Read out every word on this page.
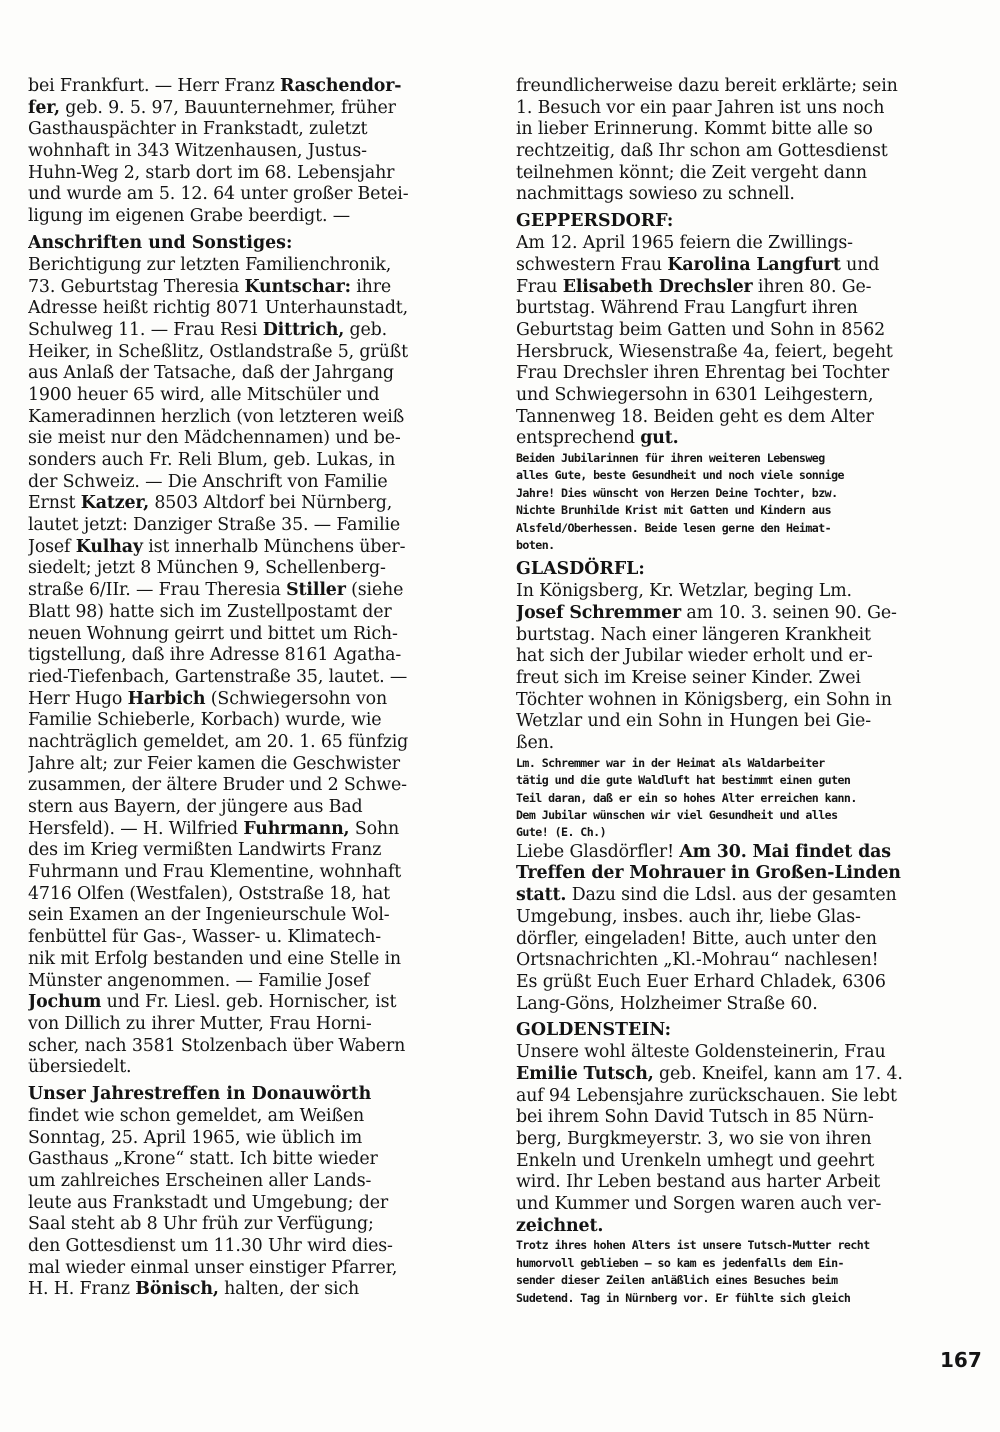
bei Frankfurt. — Herr Franz Raschendor-
fer, geb. 9. 5. 97, Bauunternehmer, früher
Gasthauspächter in Frankstadt, zuletzt
wohnhaft in 343 Witzenhausen, Justus-
Huhn-Weg 2, starb dort im 68. Lebensjahr
und wurde am 5. 12. 64 unter großer Betei-
ligung im eigenen Grabe beerdigt. —
Anschriften und Sonstiges:
Berichtigung zur letzten Familienchronik,
73. Geburtstag Theresia Kuntschar: ihre
Adresse heißt richtig 8071 Unterhaunstadt,
Schulweg 11. — Frau Resi Dittrich, geb.
Heiker, in Scheßlitz, Ostlandstraße 5, grüßt
aus Anlaß der Tatsache, daß der Jahrgang
1900 heuer 65 wird, alle Mitschüler und
Kameradinnen herzlich (von letzteren weiß
sie meist nur den Mädchennamen) und be-
sonders auch Fr. Reli Blum, geb. Lukas, in
der Schweiz. — Die Anschrift von Familie
Ernst Katzer, 8503 Altdorf bei Nürnberg,
lautet jetzt: Danziger Straße 35. — Familie
Josef Kulhay ist innerhalb Münchens über-
siedelt; jetzt 8 München 9, Schellenberg-
straße 6/IIr. — Frau Theresia Stiller (siehe
Blatt 98) hatte sich im Zustellpostamt der
neuen Wohnung geirrt und bittet um Rich-
tigstellung, daß ihre Adresse 8161 Agatha-
ried-Tiefenbach, Gartenstraße 35, lautet. —
Herr Hugo Harbich (Schwiegersohn von
Familie Schieberle, Korbach) wurde, wie
nachträglich gemeldet, am 20. 1. 65 fünfzig
Jahre alt; zur Feier kamen die Geschwister
zusammen, der ältere Bruder und 2 Schwe-
stern aus Bayern, der jüngere aus Bad
Hersfeld). — H. Wilfried Fuhrmann, Sohn
des im Krieg vermißten Landwirts Franz
Fuhrmann und Frau Klementine, wohnhaft
4716 Olfen (Westfalen), Oststraße 18, hat
sein Examen an der Ingenieurschule Wol-
fenbüttel für Gas-, Wasser- u. Klimatech-
nik mit Erfolg bestanden und eine Stelle in
Münster angenommen. — Familie Josef
Jochum und Fr. Liesl. geb. Hornischer, ist
von Dillich zu ihrer Mutter, Frau Horni-
scher, nach 3581 Stolzenbach über Wabern
übersiedelt.
Unser Jahrestreffen in Donauwörth
findet wie schon gemeldet, am Weißen
Sonntag, 25. April 1965, wie üblich im
Gasthaus „Krone“ statt. Ich bitte wieder
um zahlreiches Erscheinen aller Lands-
leute aus Frankstadt und Umgebung; der
Saal steht ab 8 Uhr früh zur Verfügung;
den Gottesdienst um 11.30 Uhr wird dies-
mal wieder einmal unser einstiger Pfarrer,
H. H. Franz Bönisch, halten, der sich
freundlicherweise dazu bereit erklärte; sein
1. Besuch vor ein paar Jahren ist uns noch
in lieber Erinnerung. Kommt bitte alle so
rechtzeitig, daß Ihr schon am Gottesdienst
teilnehmen könnt; die Zeit vergeht dann
nachmittags sowieso zu schnell.
GEPPERSDORF:
Am 12. April 1965 feiern die Zwillings-
schwestern Frau Karolina Langfurt und
Frau Elisabeth Drechsler ihren 80. Ge-
burtstag. Während Frau Langfurt ihren
Geburtstag beim Gatten und Sohn in 8562
Hersbruck, Wiesenstraße 4a, feiert, begeht
Frau Drechsler ihren Ehrentag bei Tochter
und Schwiegersohn in 6301 Leihgestern,
Tannenweg 18. Beiden geht es dem Alter
entsprechend gut.
Beiden Jubilarinnen für ihren weiteren Lebensweg
alles Gute, beste Gesundheit und noch viele sonnige
Jahre! Dies wünscht von Herzen Deine Tochter, bzw.
Nichte Brunhilde Krist mit Gatten und Kindern aus
Alsfeld/Oberhessen. Beide lesen gerne den Heimat-
boten.
GLASDÖRFL:
In Königsberg, Kr. Wetzlar, beging Lm.
Josef Schremmer am 10. 3. seinen 90. Ge-
burtstag. Nach einer längeren Krankheit
hat sich der Jubilar wieder erholt und er-
freut sich im Kreise seiner Kinder. Zwei
Töchter wohnen in Königsberg, ein Sohn in
Wetzlar und ein Sohn in Hungen bei Gie-
ßen.
Lm. Schremmer war in der Heimat als Waldarbeiter
tätig und die gute Waldluft hat bestimmt einen guten
Teil daran, daß er ein so hohes Alter erreichen kann.
Dem Jubilar wünschen wir viel Gesundheit und alles
Gute! (E. Ch.)
Liebe Glasdörfler! Am 30. Mai findet das
Treffen der Mohrauer in Großen-Linden
statt. Dazu sind die Ldsl. aus der gesamten
Umgebung, insbes. auch ihr, liebe Glas-
dörfler, eingeladen! Bitte, auch unter den
Ortsnachrichten „Kl.-Mohrau“ nachlesen!
Es grüßt Euch Euer Erhard Chladek, 6306
Lang-Göns, Holzheimer Straße 60.
GOLDENSTEIN:
Unsere wohl älteste Goldensteinerin, Frau
Emilie Tutsch, geb. Kneifel, kann am 17. 4.
auf 94 Lebensjahre zurückschauen. Sie lebt
bei ihrem Sohn David Tutsch in 85 Nürn-
berg, Burgkmeyerstr. 3, wo sie von ihren
Enkeln und Urenkeln umhegt und geehrt
wird. Ihr Leben bestand aus harter Arbeit
und Kummer und Sorgen waren auch ver-
zeichnet.
Trotz ihres hohen Alters ist unsere Tutsch-Mutter recht
humorvoll geblieben — so kam es jedenfalls dem Ein-
sender dieser Zeilen anläßlich eines Besuches beim
Sudetend. Tag in Nürnberg vor. Er fühlte sich gleich
167
